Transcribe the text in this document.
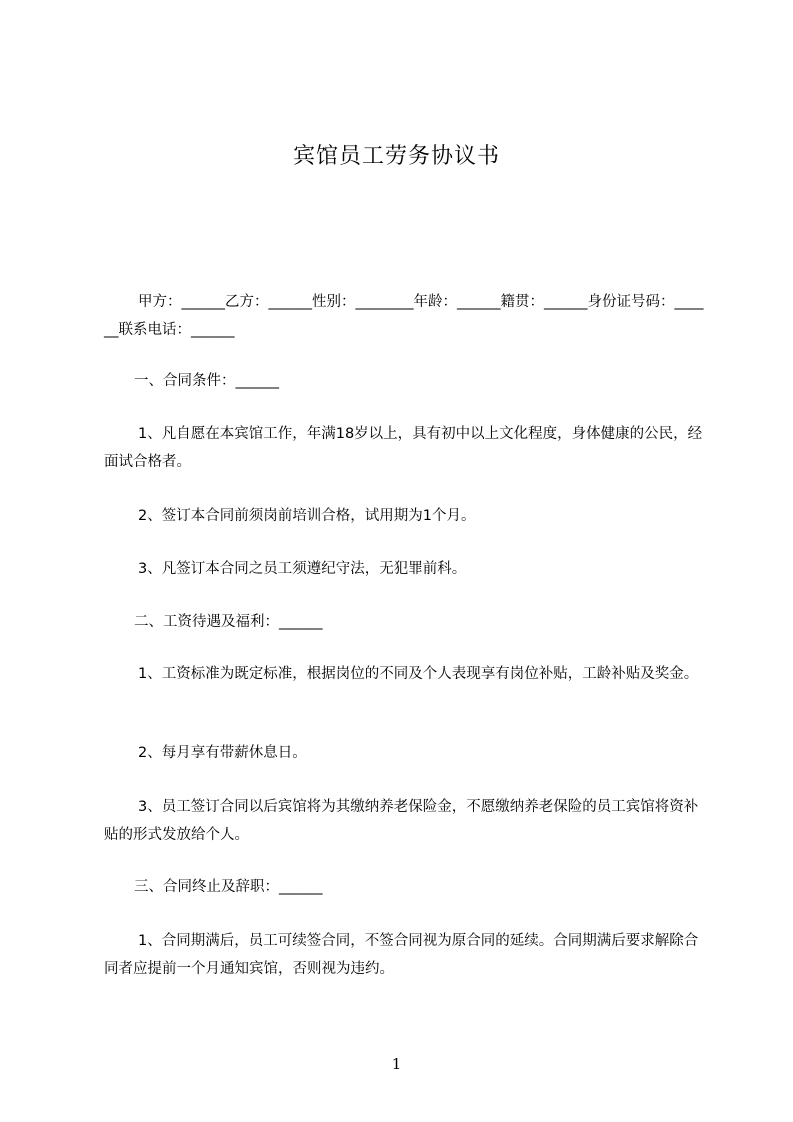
宾馆员工劳务协议书

甲方：______乙方：______性别：________年龄：______籍贯：______身份证号码：______联系电话：______

一、合同条件：______

1、凡自愿在本宾馆工作，年满18岁以上，具有初中以上文化程度，身体健康的公民，经面试合格者。

2、签订本合同前须岗前培训合格，试用期为1个月。

3、凡签订本合同之员工须遵纪守法，无犯罪前科。

二、工资待遇及福利：______

1、工资标准为既定标准，根据岗位的不同及个人表现享有岗位补贴，工龄补贴及奖金。

2、每月享有带薪休息日。

3、员工签订合同以后宾馆将为其缴纳养老保险金，不愿缴纳养老保险的员工宾馆将资补贴的形式发放给个人。

三、合同终止及辞职：______

1、合同期满后，员工可续签合同，不签合同视为原合同的延续。合同期满后要求解除合同者应提前一个月通知宾馆，否则视为违约。

1
